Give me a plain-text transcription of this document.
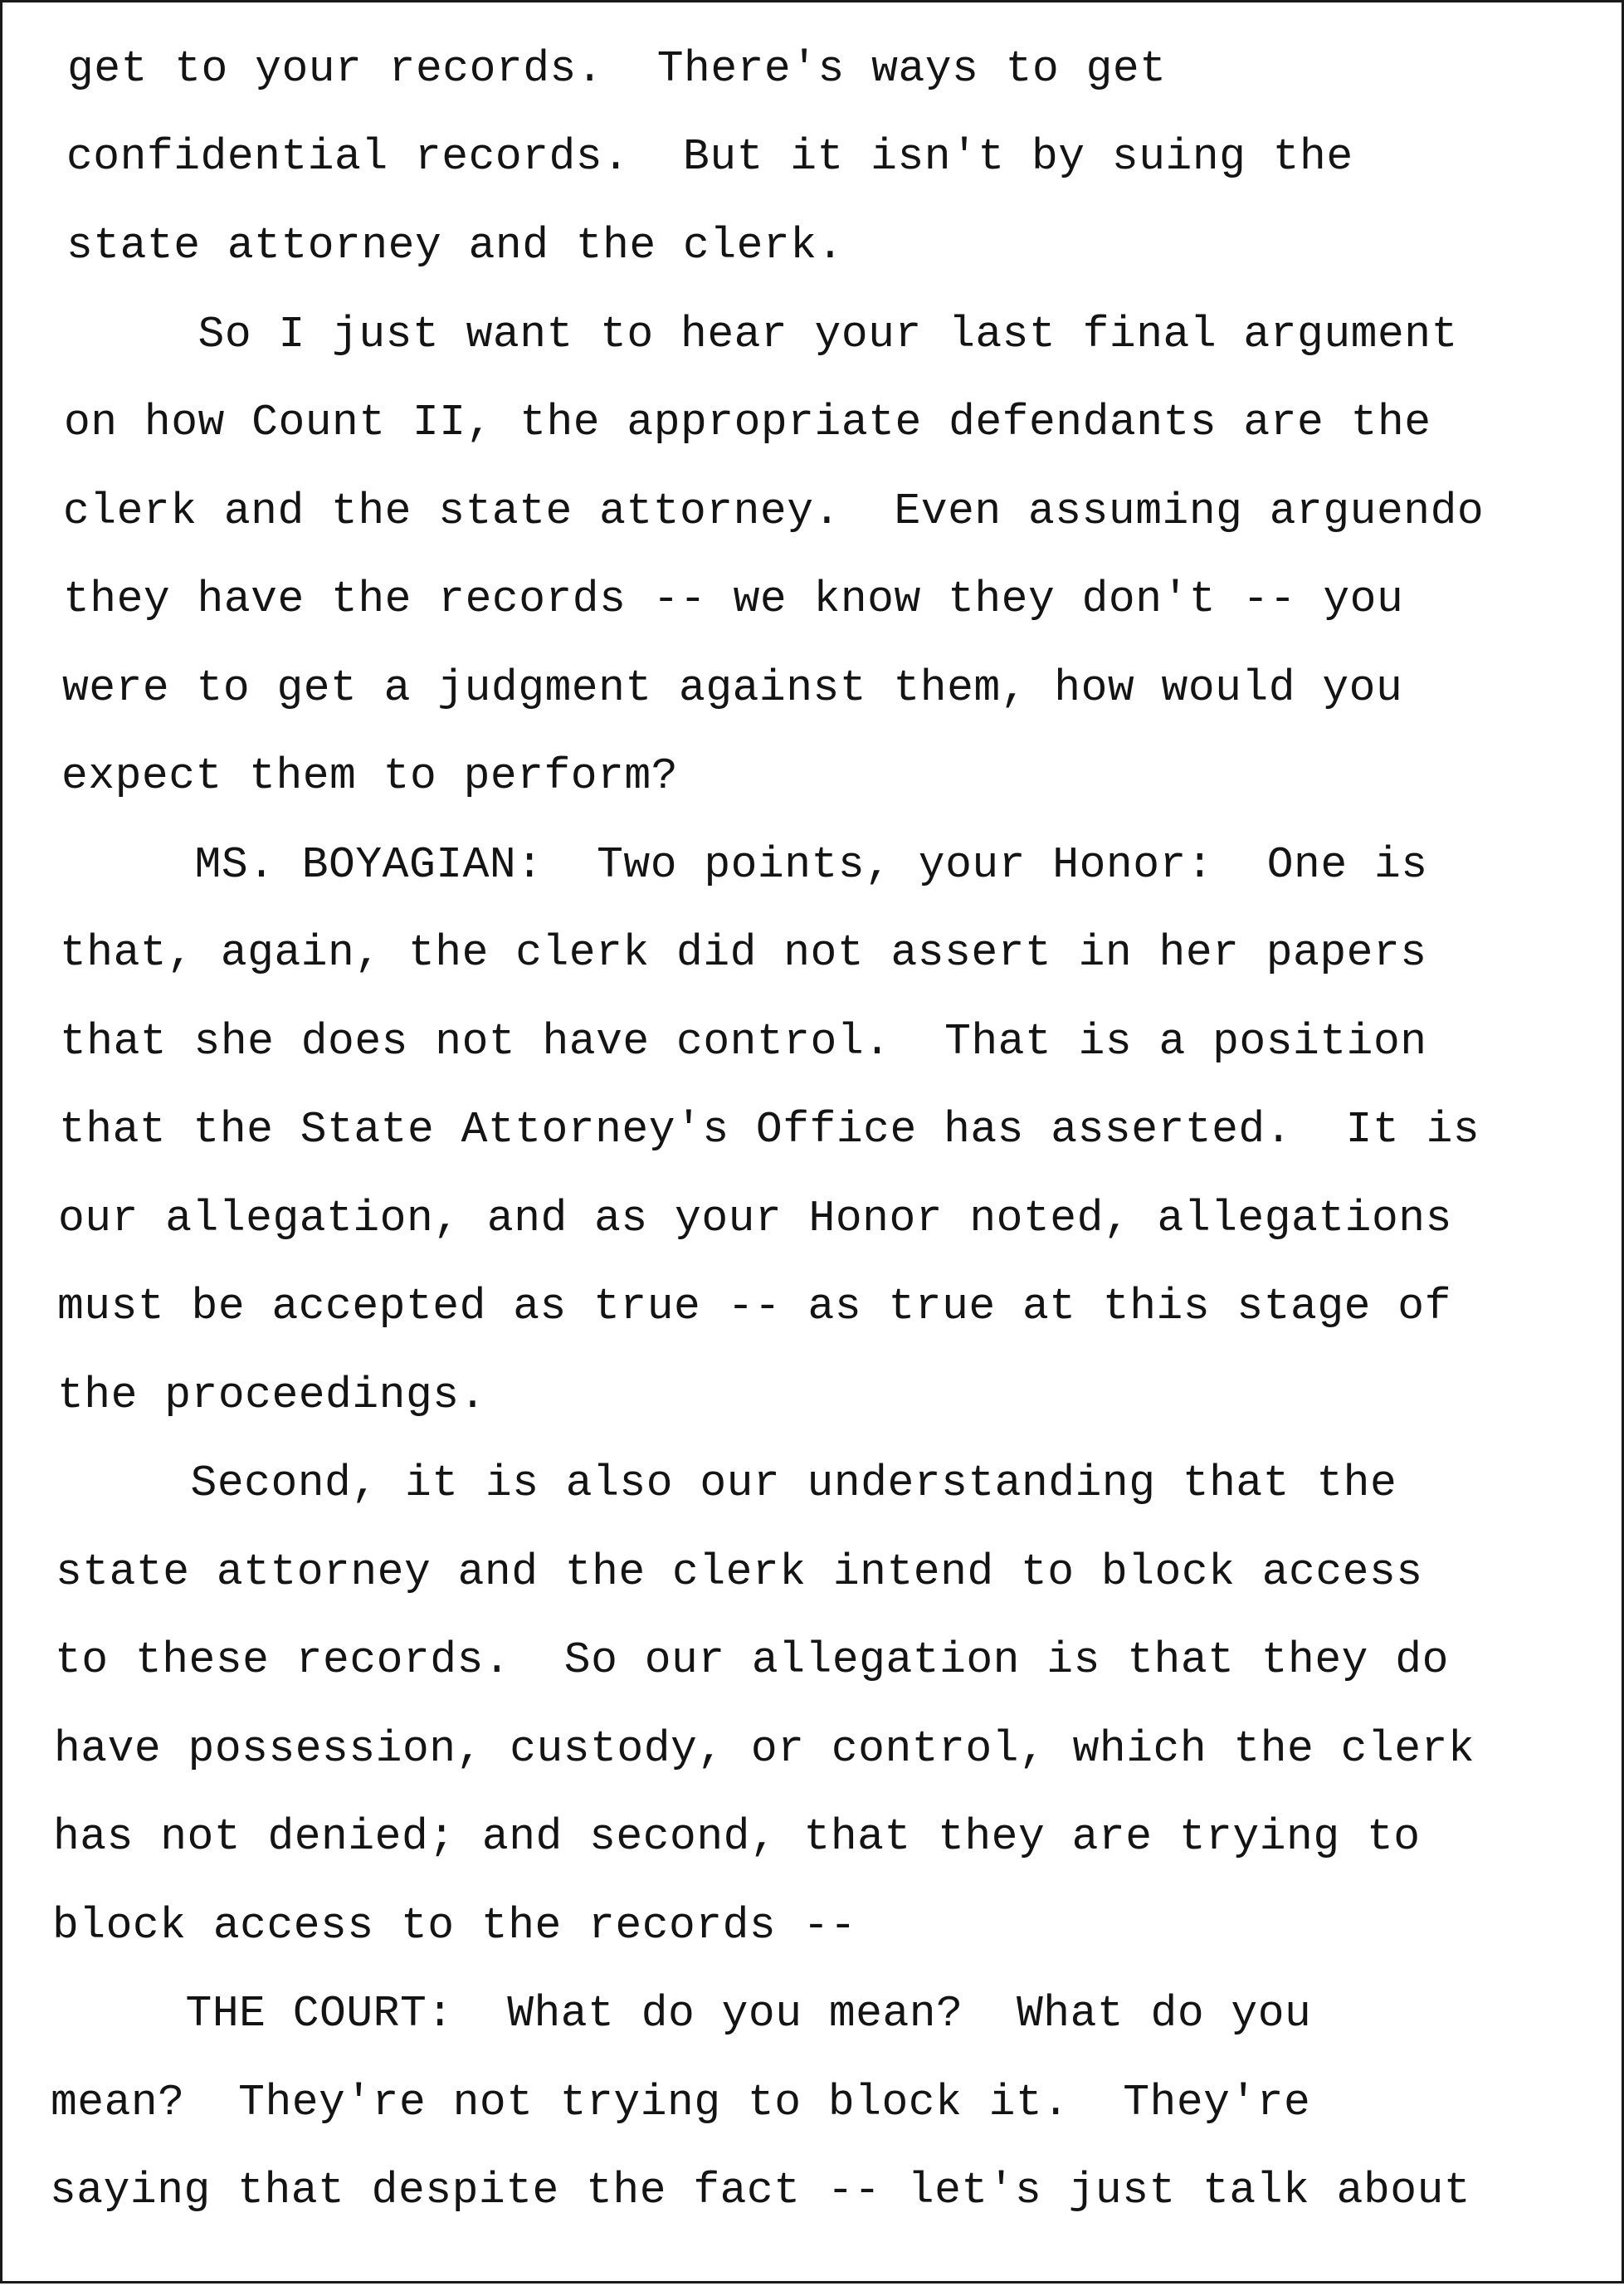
get to your records.  There's ways to get
confidential records.  But it isn't by suing the
state attorney and the clerk.
So I just want to hear your last final argument
on how Count II, the appropriate defendants are the
clerk and the state attorney.  Even assuming arguendo
they have the records -- we know they don't -- you
were to get a judgment against them, how would you
expect them to perform?
MS. BOYAGIAN:  Two points, your Honor:  One is
that, again, the clerk did not assert in her papers
that she does not have control.  That is a position
that the State Attorney's Office has asserted.  It is
our allegation, and as your Honor noted, allegations
must be accepted as true -- as true at this stage of
the proceedings.
Second, it is also our understanding that the
state attorney and the clerk intend to block access
to these records.  So our allegation is that they do
have possession, custody, or control, which the clerk
has not denied; and second, that they are trying to
block access to the records --
THE COURT:  What do you mean?  What do you
mean?  They're not trying to block it.  They're
saying that despite the fact -- let's just talk about
